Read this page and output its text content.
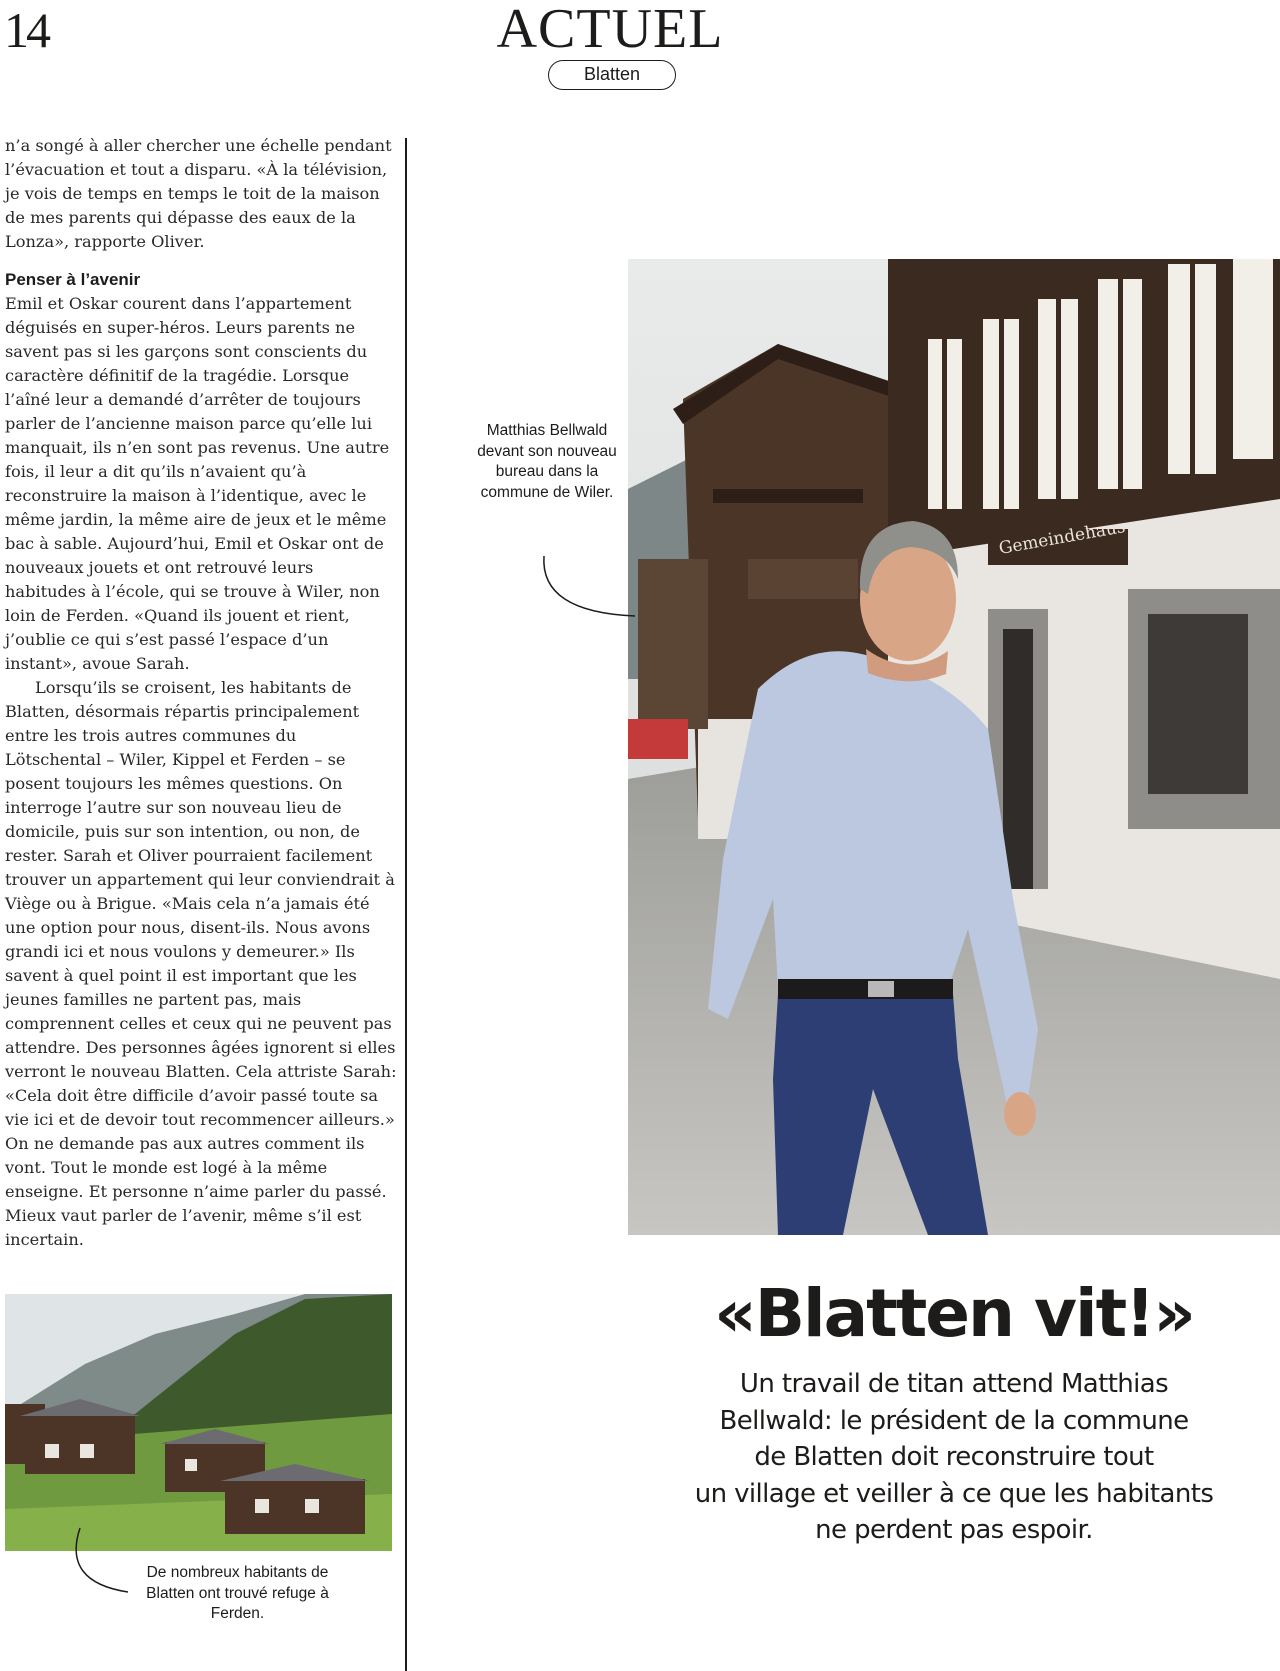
14	ACTUEL
Blatten

n’a songé à aller chercher une échelle pendant l’évacuation et tout a disparu. «À la télévision, je vois de temps en temps le toit de la maison de mes parents qui dépasse des eaux de la Lonza», rapporte Oliver.

Penser à l’avenir

Emil et Oskar courent dans l’appartement déguisés en super-héros. Leurs parents ne savent pas si les garçons sont conscients du caractère définitif de la tragédie. Lorsque l’aîné leur a demandé d’arrêter de toujours parler de l’ancienne maison parce qu’elle lui manquait, ils n’en sont pas revenus. Une autre fois, il leur a dit qu’ils n’avaient qu’à reconstruire la maison à l’identique, avec le même jardin, la même aire de jeux et le même bac à sable. Aujourd’hui, Emil et Oskar ont de nouveaux jouets et ont retrouvé leurs habitudes à l’école, qui se trouve à Wiler, non loin de Ferden. «Quand ils jouent et rient, j’oublie ce qui s’est passé l’espace d’un instant», avoue Sarah.

Lorsqu’ils se croisent, les habitants de Blatten, désormais répartis principalement entre les trois autres communes du Lötschental – Wiler, Kippel et Ferden – se posent toujours les mêmes questions. On interroge l’autre sur son nouveau lieu de domicile, puis sur son intention, ou non, de rester. Sarah et Oliver pourraient facilement trouver un appartement qui leur conviendrait à Viège ou à Brigue. «Mais cela n’a jamais été une option pour nous, disent-ils. Nous avons grandi ici et nous voulons y demeurer.» Ils savent à quel point il est important que les jeunes familles ne partent pas, mais comprennent celles et ceux qui ne peuvent pas attendre. Des personnes âgées ignorent si elles verront le nouveau Blatten. Cela attriste Sarah: «Cela doit être difficile d’avoir passé toute sa vie ici et de devoir tout recommencer ailleurs.» On ne demande pas aux autres comment ils vont. Tout le monde est logé à la même enseigne. Et personne n’aime parler du passé. Mieux vaut parler de l’avenir, même s’il est incertain.

Gemeindehaus
Matthias Bellwald devant son nouveau bureau dans la commune de Wiler.
De nombreux habitants de Blatten ont trouvé refuge à Ferden.
«Blatten vit!»
Un travail de titan attend Matthias
Bellwald: le président de la commune
de Blatten doit reconstruire tout
un village et veiller à ce que les habitants
ne perdent pas espoir.
